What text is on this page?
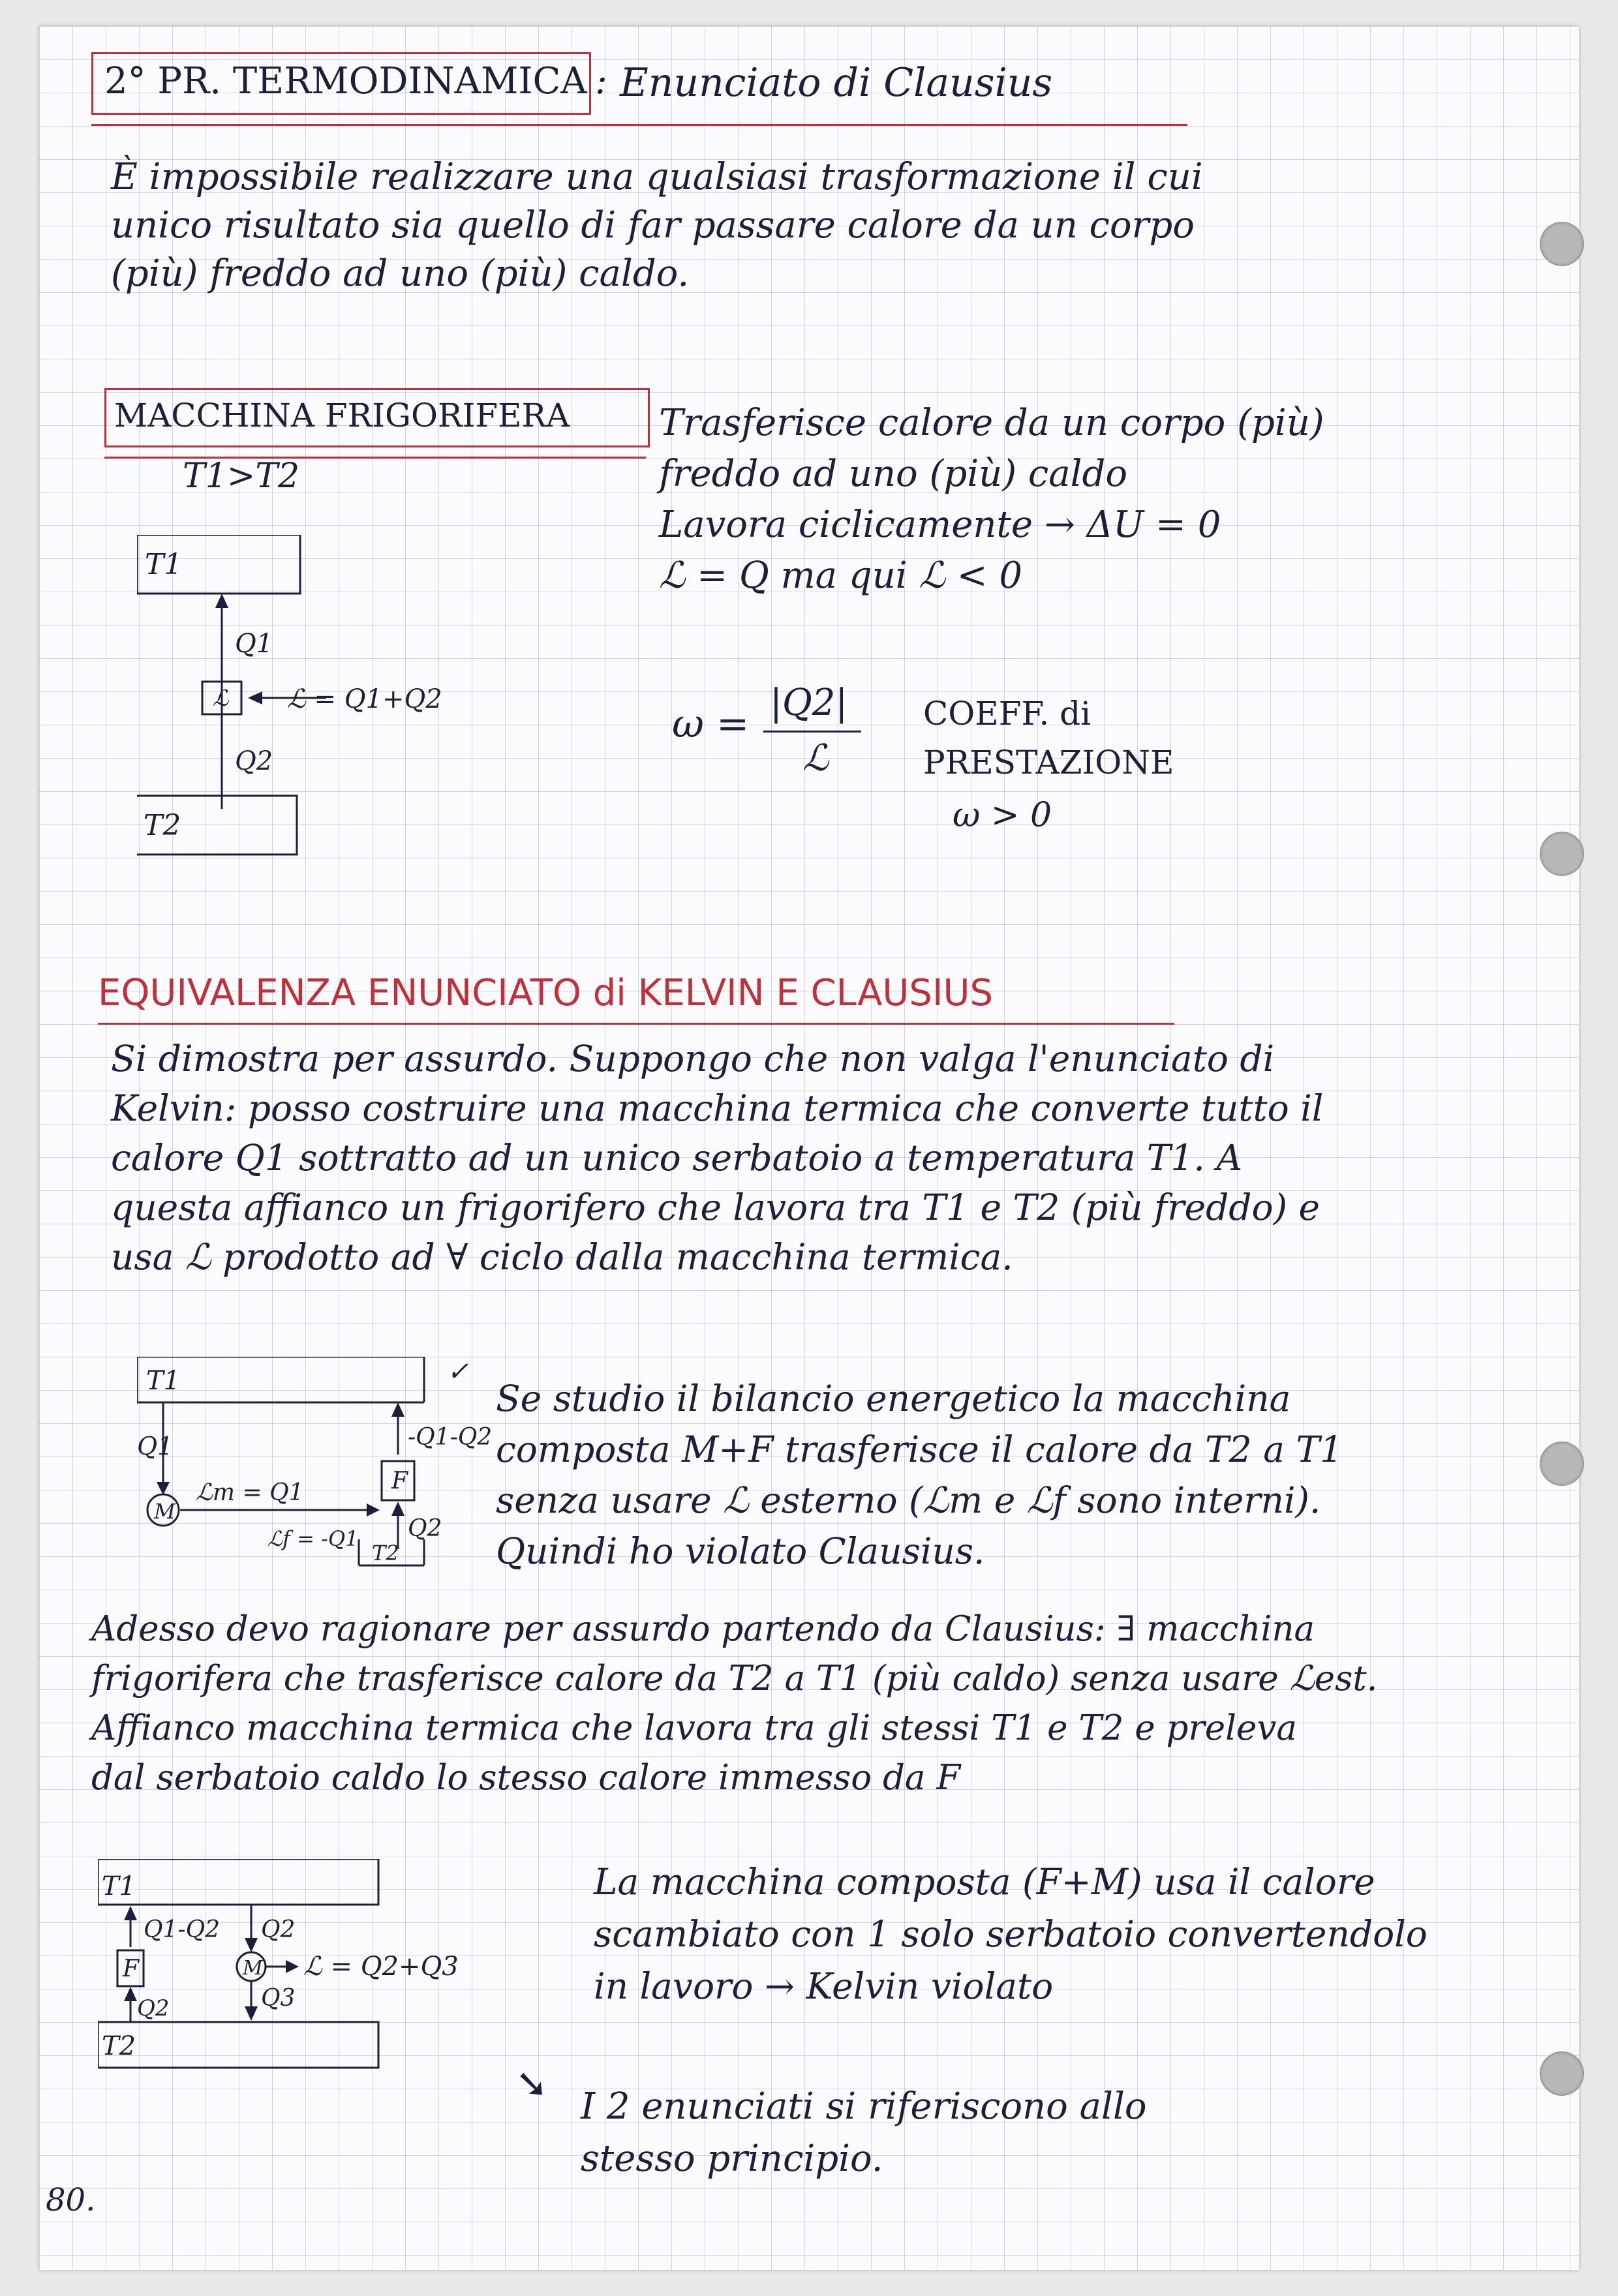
2° PR. TERMODINAMICA : Enunciato di Clausius
È impossibile realizzare una qualsiasi trasformazione il cui
unico risultato sia quello di far passare calore da un corpo
(più) freddo ad uno (più) caldo.
MACCHINA FRIGORIFERA
T1>T2
Trasferisce calore da un corpo (più)
freddo ad uno (più) caldo
Lavora ciclicamente → ΔU = 0
ℒ = Q ma qui ℒ < 0
ω = |Q2|
ℒ
COEFF. di
PRESTAZIONE
ω > 0
T1
T2
Q1
Q2
ℒ ℒ = Q1+Q2
EQUIVALENZA ENUNCIATO di KELVIN E CLAUSIUS
Si dimostra per assurdo. Suppongo che non valga l'enunciato di
Kelvin: posso costruire una macchina termica che converte tutto il
calore Q1 sottratto ad un unico serbatoio a temperatura T1. A
questa affianco un frigorifero che lavora tra T1 e T2 (più freddo) e
usa ℒ prodotto ad ∀ ciclo dalla macchina termica.
T1
T2
Q1
M
F
ℒm = Q1
ℒf = -Q1
-Q1-Q2
Q2
✓
Se studio il bilancio energetico la macchina
composta M+F trasferisce il calore da T2 a T1
senza usare ℒ esterno (ℒm e ℒf sono interni).
Quindi ho violato Clausius.
Adesso devo ragionare per assurdo partendo da Clausius: ∃ macchina
frigorifera che trasferisce calore da T2 a T1 (più caldo) senza usare ℒest.
Affianco macchina termica che lavora tra gli stessi T1 e T2 e preleva
dal serbatoio caldo lo stesso calore immesso da F
T1
T2
F	M
Q1-Q2 Q2
Q2	Q3
ℒ = Q2+Q3
La macchina composta (F+M) usa il calore
scambiato con 1 solo serbatoio convertendolo
in lavoro → Kelvin violato
➘ I 2 enunciati si riferiscono allo
stesso principio.
80.
